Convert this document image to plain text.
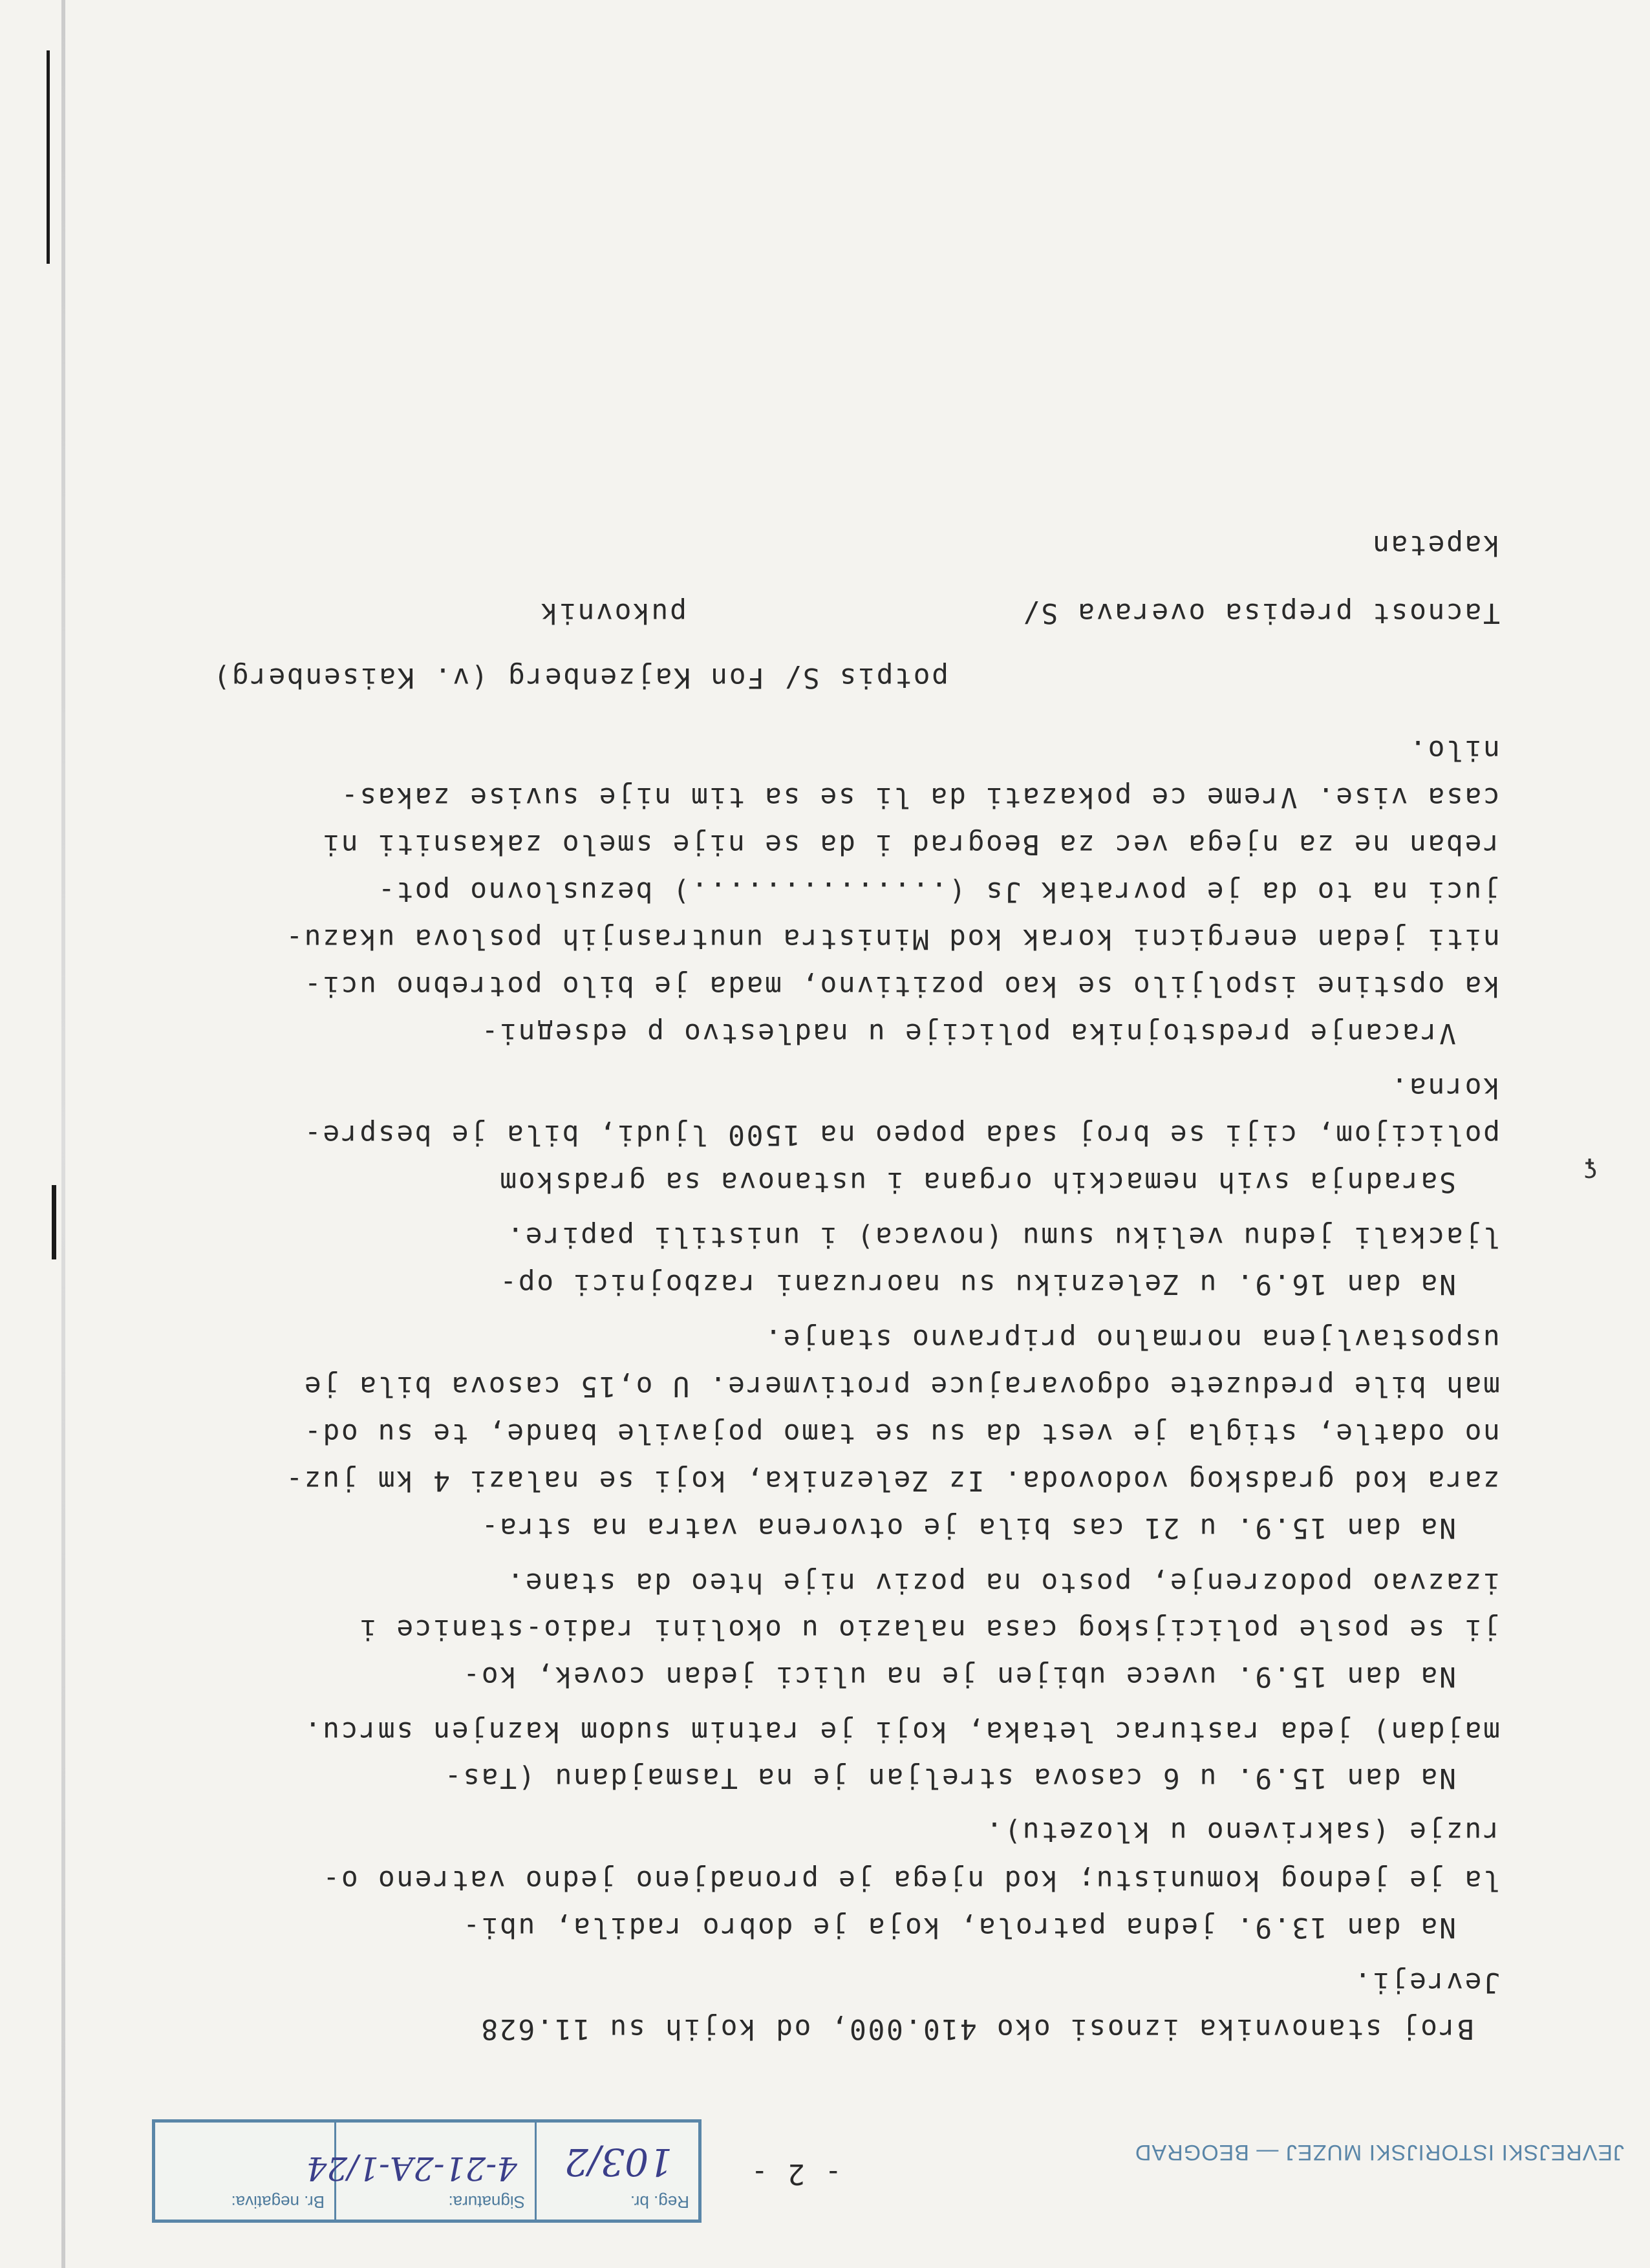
- 2 -
JEVREJSKI ISTORIJSKI MUZEJ — BEOGRAD
Reg. br.
Signatura:
Br. negativa:
103/2
4-21-2A-1/24
Broj stanovnika iznosi oko 410.000, od kojih su 11.628
Jevreji.
Na dan 13.9. jedna patrola, koja je dobro radila, ubi-
la je jednog komunistu; kod njega je pronadjeno jedno vatreno o-
ruzje (sakriveno u klozetu).
Na dan 15.9. u 6 casova streljan je na Tasmajdanu (Tas-
majdan) jeda rasturac letaka, koji je ratnim sudom kaznjen smrcu.
Na dan 15.9. uvece ubijen je na ulici jedan covek, ko-
ji se posle policijskog casa nalazio u okolini radio-stanice i
izazvao podozrenje, posto na poziv nije hteo da stane.
Na dan 15.9. u 21 cas bila je otvorena vatra na stra-
zara kod gradskog vodovoda. Iz Zeleznika, koji se nalazi 4 km juz-
no odatle, stigla je vest da su se tamo pojavile bande, te su od-
mah bile preduzete odgovarajuce protivmere. U o,15 casova bila je
uspostavljena normalno pripravno stanje.
Na dan 16.9. u Zelezniku su naoruzani razbojnici op-
ljackali jednu veliku sumu (novaca) i unistili papire.
Saradnja svih nemackih organa i ustanova sa gradskom
policijom, ciji se broj sada popeo na 1500 ljudi, bila je bespre-
korna.
Vracanje predstojnika policije u nadlestvo p edseдni-
ka opstine ispoljilo se kao pozitivno, mada je bilo potrebno uci-
niti jedan energicni korak kod Ministra unutrasnjih poslova ukazu-
juci na to da je povratak Js (..............) bezuslovno pot-
reban ne za njega vec za Beograd i da se nije smelo zakasniti ni
casa vise. Vreme ce pokazati da li se sa tim nije suvise zakas-
nilo.
potpis S/ Fon Kajzenberg (v. Kaisenberg)
Tacnost prepisa overava S/
pukovnik
kapetan
ʢ
